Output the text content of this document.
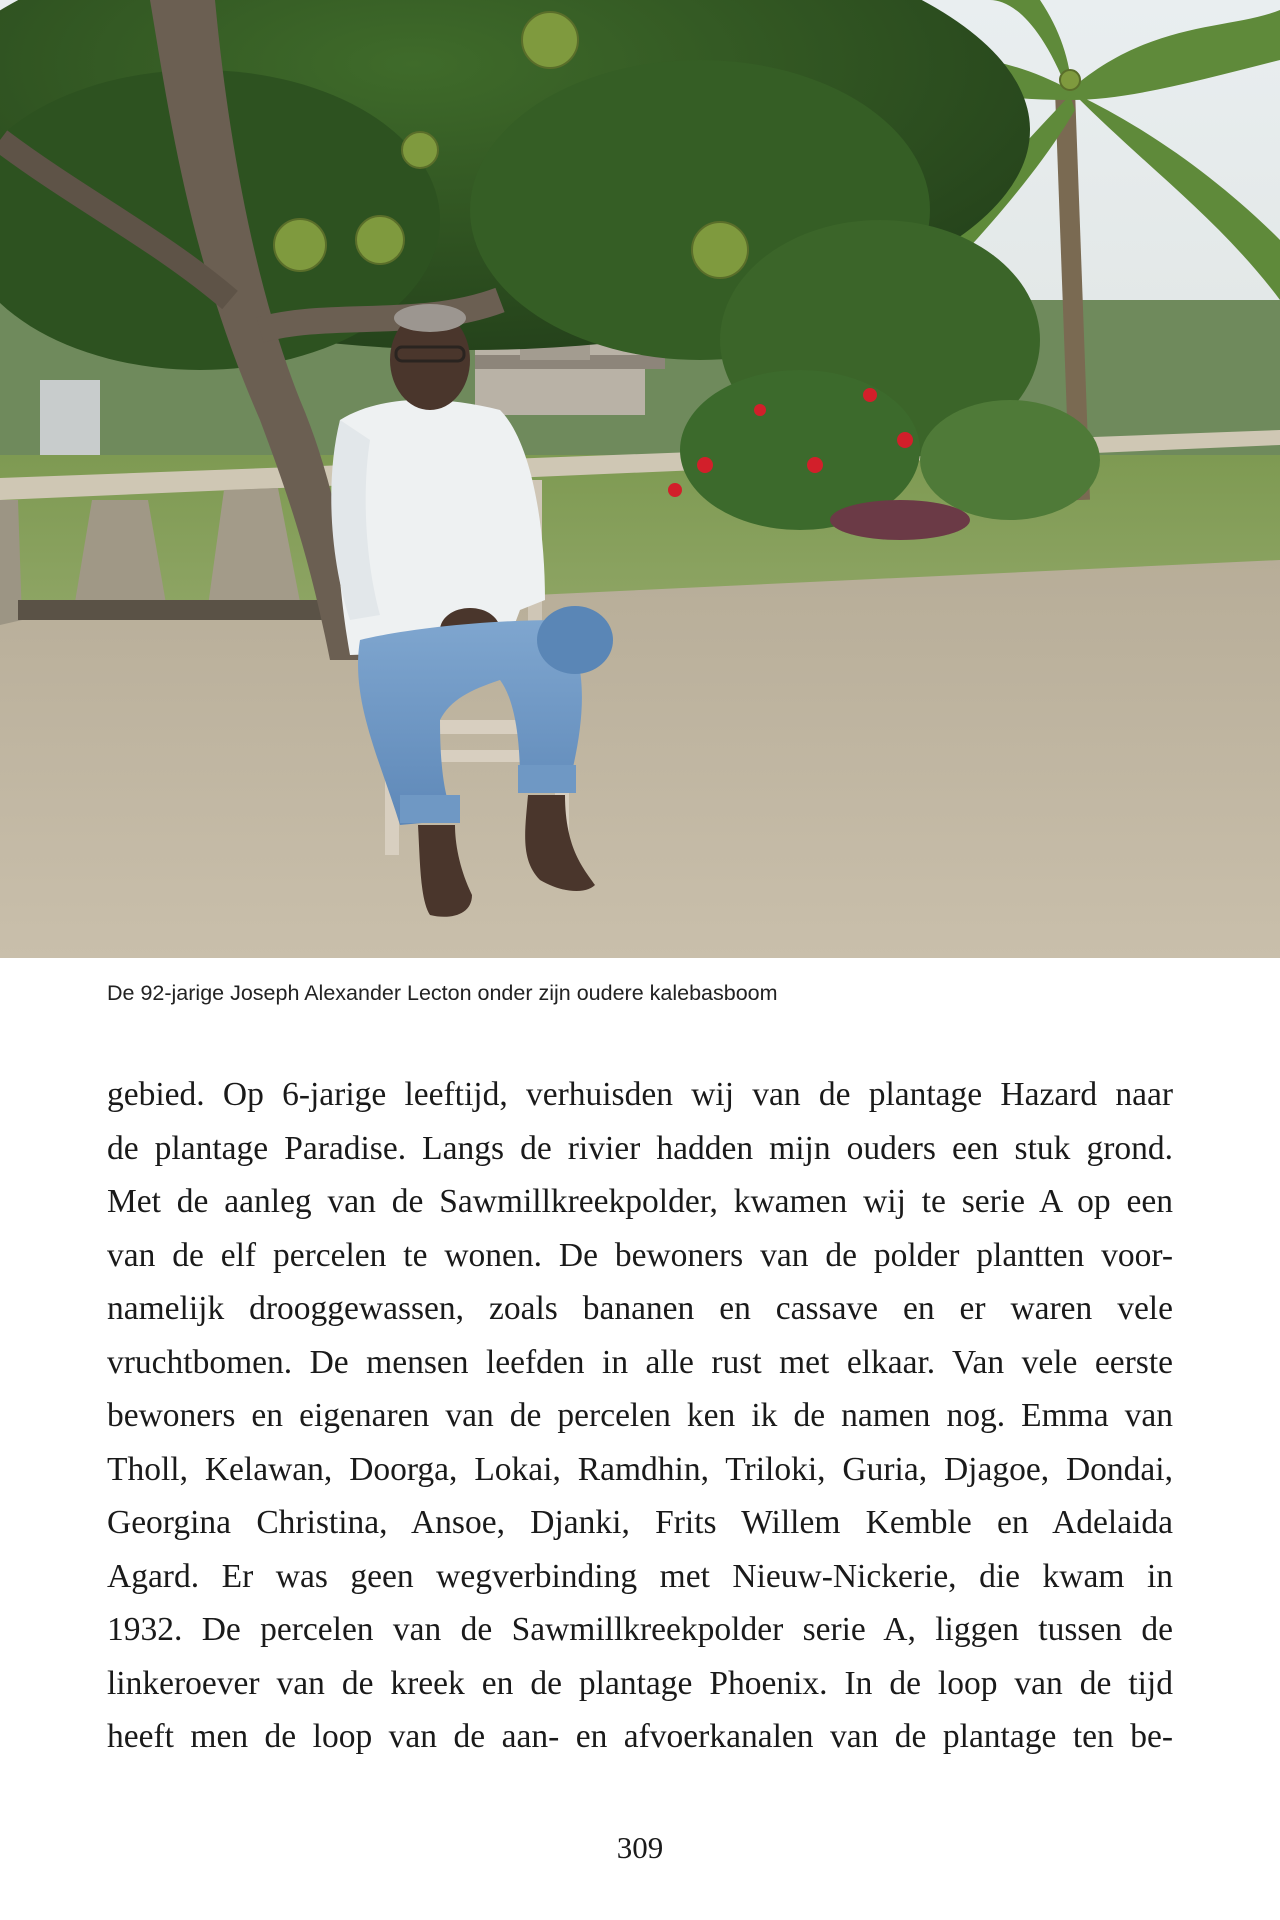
De 92-jarige Joseph Alexander Lecton onder zijn oudere kalebasboom

gebied. Op 6-jarige leeftijd, verhuisden wij van de plantage Hazard naar
de plantage Paradise. Langs de rivier hadden mijn ouders een stuk grond.
Met de aanleg van de Sawmillkreekpolder, kwamen wij te serie A op een
van de elf percelen te wonen. De bewoners van de polder plantten voor-
namelijk drooggewassen, zoals bananen en cassave en er waren vele
vruchtbomen. De mensen leefden in alle rust met elkaar. Van vele eerste
bewoners en eigenaren van de percelen ken ik de namen nog. Emma van
Tholl, Kelawan, Doorga, Lokai, Ramdhin, Triloki, Guria, Djagoe, Dondai,
Georgina Christina, Ansoe, Djanki, Frits Willem Kemble en Adelaida
Agard. Er was geen wegverbinding met Nieuw-Nickerie, die kwam in
1932. De percelen van de Sawmillkreekpolder serie A, liggen tussen de
linkeroever van de kreek en de plantage Phoenix. In de loop van de tijd
heeft men de loop van de aan- en afvoerkanalen van de plantage ten be-

309
